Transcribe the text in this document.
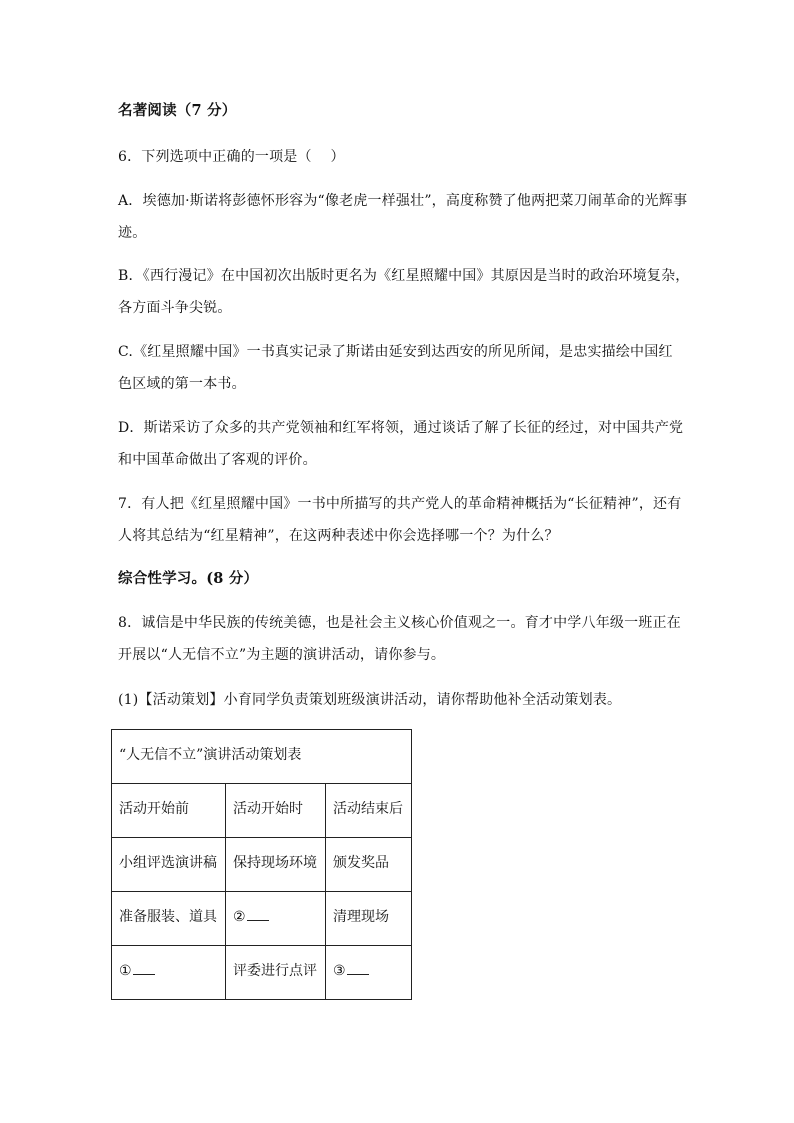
名著阅读（7 分）
6．下列选项中正确的一项是（　 ）
A．埃德加·斯诺将彭德怀形容为“像老虎一样强壮”，高度称赞了他两把菜刀闹革命的光辉事
迹。
B．《西行漫记》在中国初次出版时更名为《红星照耀中国》其原因是当时的政治环境复杂，
各方面斗争尖锐。
C.《红星照耀中国》一书真实记录了斯诺由延安到达西安的所见所闻，是忠实描绘中国红
色区域的第一本书。
D．斯诺采访了众多的共产党领袖和红军将领，通过谈话了解了长征的经过，对中国共产党
和中国革命做出了客观的评价。
7．有人把《红星照耀中国》一书中所描写的共产党人的革命精神概括为“长征精神”，还有
人将其总结为“红星精神”，在这两种表述中你会选择哪一个？为什么？
综合性学习。(8 分）
8．诚信是中华民族的传统美德，也是社会主义核心价值观之一。育才中学八年级一班正在
开展以“人无信不立”为主题的演讲活动，请你参与。
(1)【活动策划】小育同学负责策划班级演讲活动，请你帮助他补全活动策划表。
“人无信不立”演讲活动策划表		
活动开始前	活动开始时	活动结束后
小组评选演讲稿	保持现场环境	颁发奖品
准备服装、道具	②	清理现场
①	评委进行点评	③
